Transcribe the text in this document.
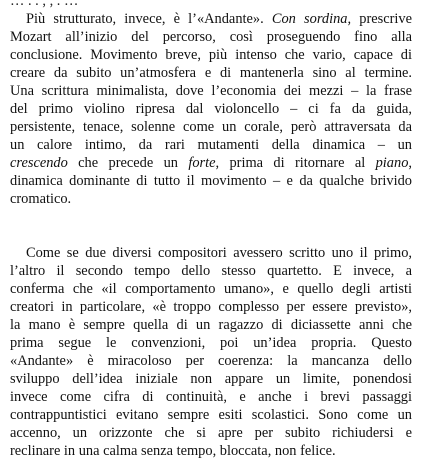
… . . , , . …
Più strutturato, invece, è l’«Andante». Con sordina, prescrive
Mozart all’inizio del percorso, così proseguendo fino alla
conclusione. Movimento breve, più intenso che vario, capace di
creare da subito un’atmosfera e di mantenerla sino al termine.
Una scrittura minimalista, dove l’economia dei mezzi – la frase
del primo violino ripresa dal violoncello – ci fa da guida,
persistente, tenace, solenne come un corale, però attraversata da
un calore intimo, da rari mutamenti della dinamica – un
crescendo che precede un forte, prima di ritornare al piano,
dinamica dominante di tutto il movimento – e da qualche brivido
cromatico.
Come se due diversi compositori avessero scritto uno il primo,
l’altro il secondo tempo dello stesso quartetto. E invece, a
conferma che «il comportamento umano», e quello degli artisti
creatori in particolare, «è troppo complesso per essere previsto»,
la mano è sempre quella di un ragazzo di diciassette anni che
prima segue le convenzioni, poi un’idea propria. Questo
«Andante» è miracoloso per coerenza: la mancanza dello
sviluppo dell’idea iniziale non appare un limite, ponendosi
invece come cifra di continuità, e anche i brevi passaggi
contrappuntistici evitano sempre esiti scolastici. Sono come un
accenno, un orizzonte che si apre per subito richiudersi e
reclinare in una calma senza tempo, bloccata, non felice.
